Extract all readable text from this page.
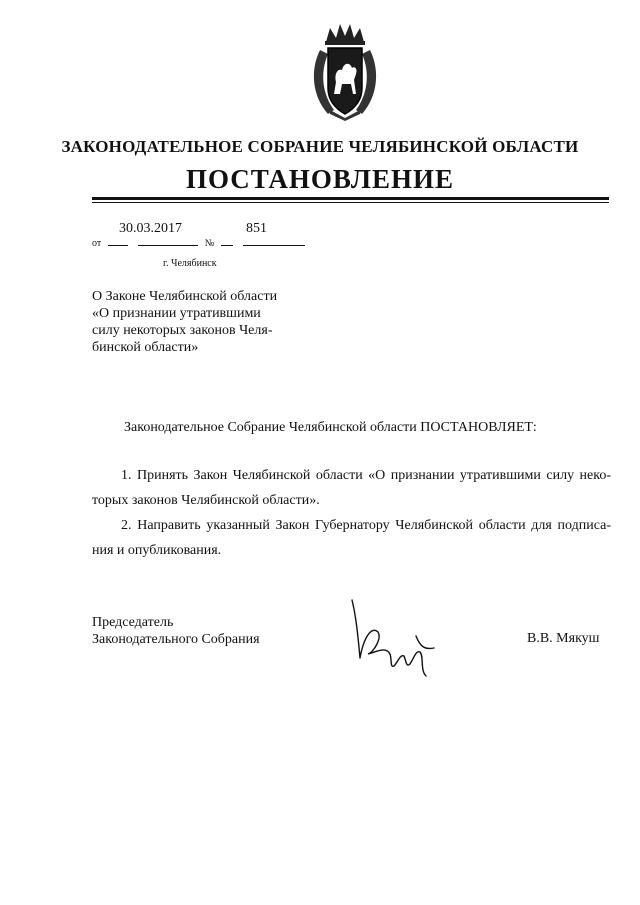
ЗАКОНОДАТЕЛЬНОЕ СОБРАНИЕ ЧЕЛЯБИНСКОЙ ОБЛАСТИ
ПОСТАНОВЛЕНИЕ
30.03.2017	851
от	№
г. Челябинск
О Законе Челябинской области
«О признании утратившими
силу некоторых законов Челя-
бинской области»
Законодательное Собрание Челябинской области ПОСТАНОВЛЯЕТ:
1. Принять Закон Челябинской области «О признании утратившими силу неко-торых законов Челябинской области».
2. Направить указанный Закон Губернатору Челябинской области для подписа-ния и опубликования.
Председатель
Законодательного Собрания	В.В. Мякуш
